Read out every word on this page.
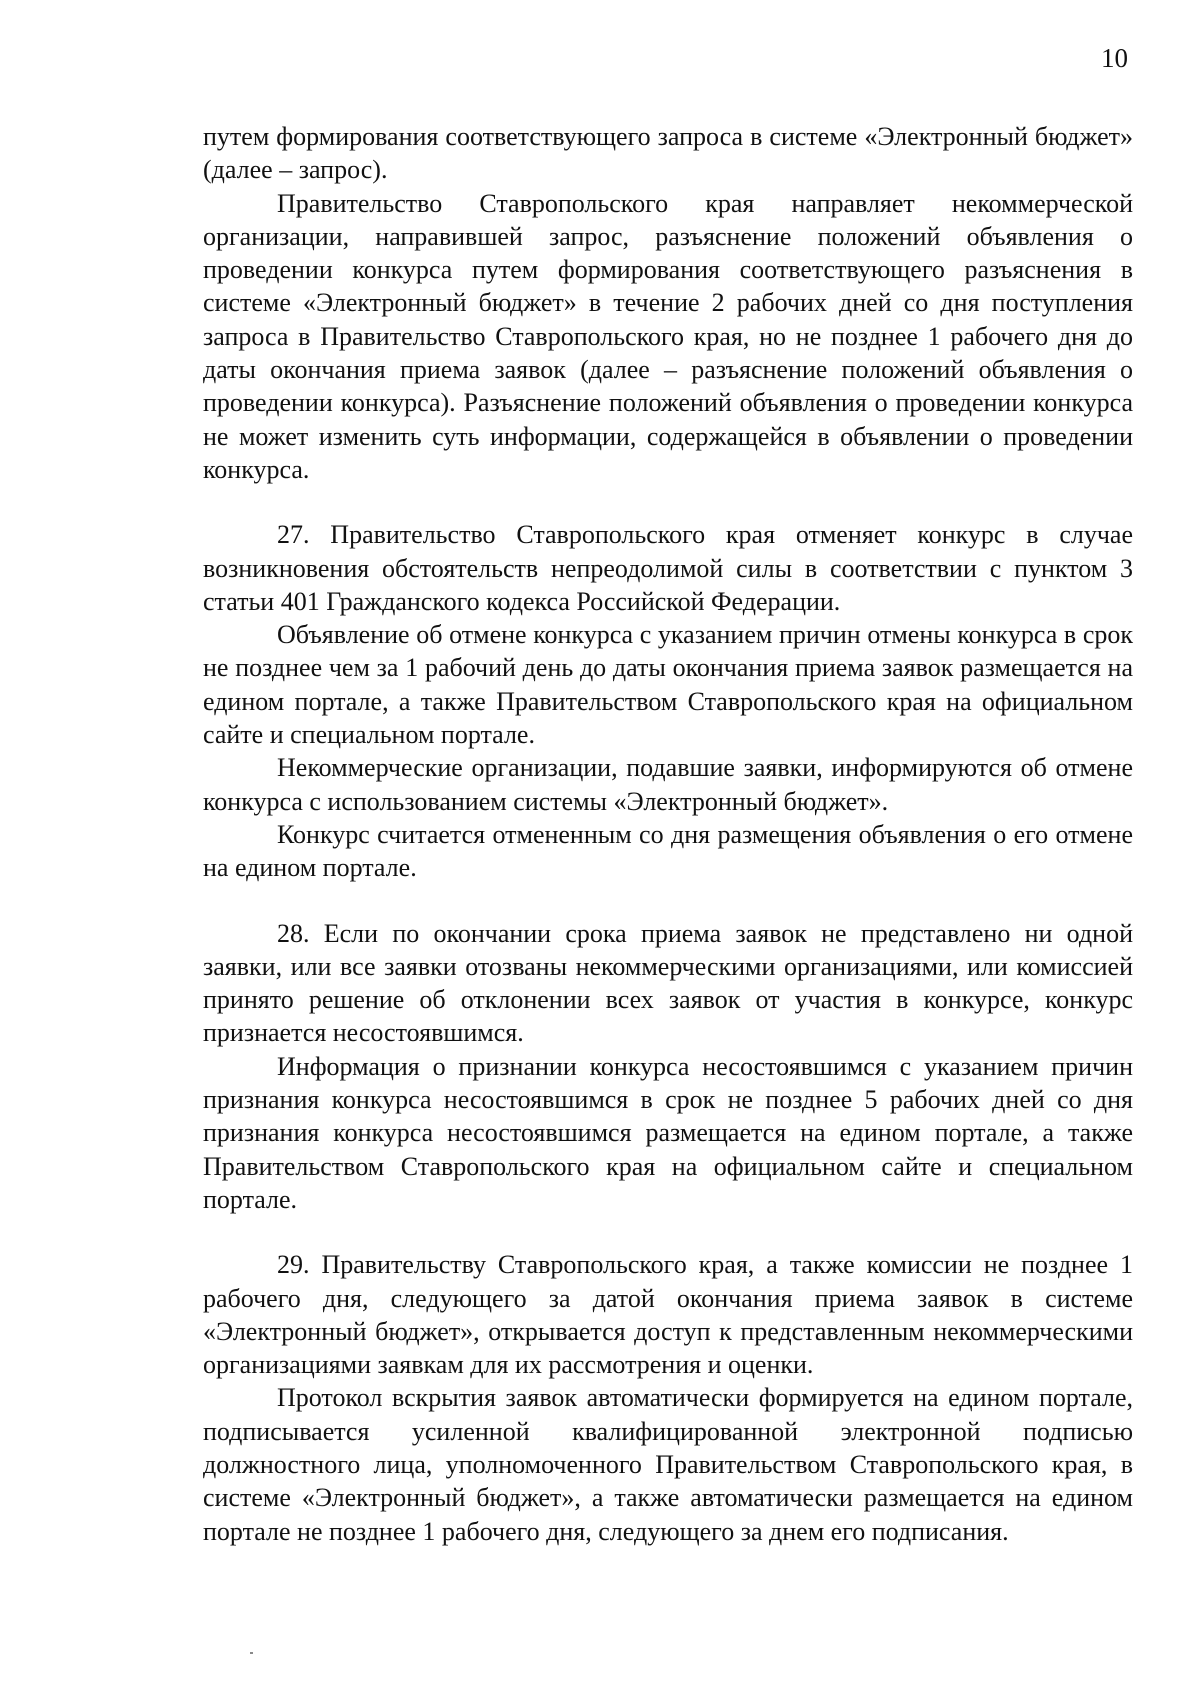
10

путем формирования соответствующего запроса в системе «Электронный бюджет» (далее – запрос).

Правительство Ставропольского края направляет некоммерческой организации, направившей запрос, разъяснение положений объявления о проведении конкурса путем формирования соответствующего разъяснения в системе «Электронный бюджет» в течение 2 рабочих дней со дня поступления запроса в Правительство Ставропольского края, но не позднее 1 рабочего дня до даты окончания приема заявок (далее – разъяснение положений объявления о проведении конкурса). Разъяснение положений объявления о проведении конкурса не может изменить суть информации, содержащейся в объявлении о проведении конкурса.

27. Правительство Ставропольского края отменяет конкурс в случае возникновения обстоятельств непреодолимой силы в соответствии с пунктом 3 статьи 401 Гражданского кодекса Российской Федерации.

Объявление об отмене конкурса с указанием причин отмены конкурса в срок не позднее чем за 1 рабочий день до даты окончания приема заявок размещается на едином портале, а также Правительством Ставропольского края на официальном сайте и специальном портале.

Некоммерческие организации, подавшие заявки, информируются об отмене конкурса с использованием системы «Электронный бюджет».

Конкурс считается отмененным со дня размещения объявления о его отмене на едином портале.

28. Если по окончании срока приема заявок не представлено ни одной заявки, или все заявки отозваны некоммерческими организациями, или комиссией принято решение об отклонении всех заявок от участия в конкурсе, конкурс признается несостоявшимся.

Информация о признании конкурса несостоявшимся с указанием причин признания конкурса несостоявшимся в срок не позднее 5 рабочих дней со дня признания конкурса несостоявшимся размещается на едином портале, а также Правительством Ставропольского края на официальном сайте и специальном портале.

29. Правительству Ставропольского края, а также комиссии не позднее 1 рабочего дня, следующего за датой окончания приема заявок в системе «Электронный бюджет», открывается доступ к представленным некоммерческими организациями заявкам для их рассмотрения и оценки.

Протокол вскрытия заявок автоматически формируется на едином портале, подписывается усиленной квалифицированной электронной подписью должностного лица, уполномоченного Правительством Ставропольского края, в системе «Электронный бюджет», а также автоматически размещается на едином портале не позднее 1 рабочего дня, следующего за днем его подписания.
